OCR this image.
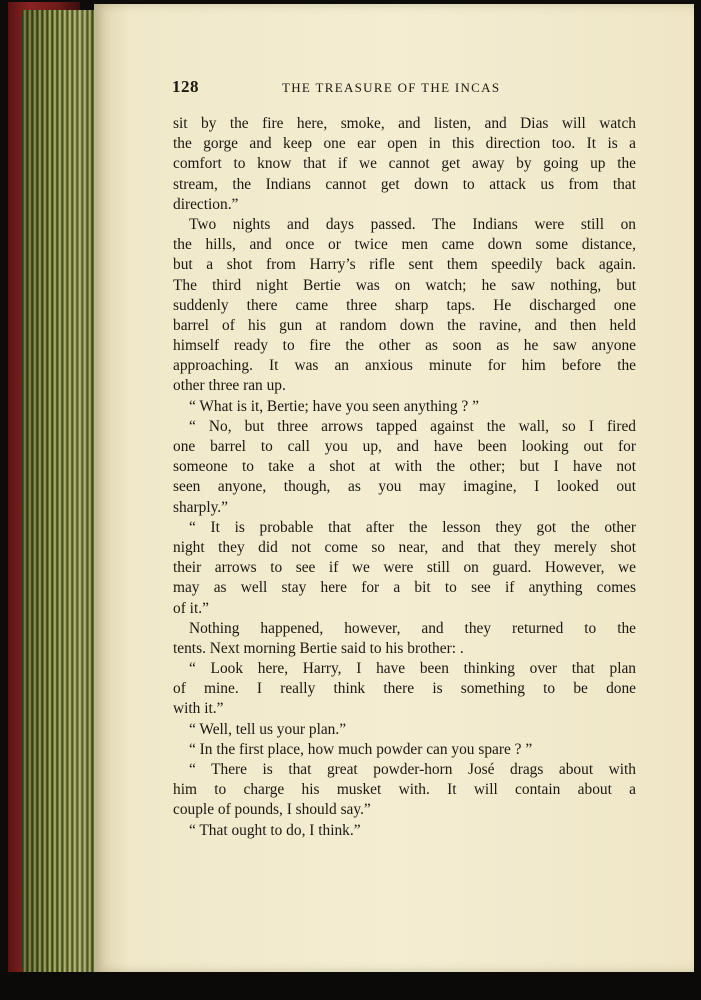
128	THE TREASURE OF THE INCAS
sit by the fire here, smoke, and listen, and Dias will watch
the gorge and keep one ear open in this direction too. It is a
comfort to know that if we cannot get away by going up the
stream, the Indians cannot get down to attack us from that
direction.”
Two nights and days passed. The Indians were still on
the hills, and once or twice men came down some distance,
but a shot from Harry’s rifle sent them speedily back again.
The third night Bertie was on watch; he saw nothing, but
suddenly there came three sharp taps. He discharged one
barrel of his gun at random down the ravine, and then held
himself ready to fire the other as soon as he saw anyone
approaching. It was an anxious minute for him before the
other three ran up.
“ What is it, Bertie; have you seen anything ? ”
“ No, but three arrows tapped against the wall, so I fired
one barrel to call you up, and have been looking out for
someone to take a shot at with the other; but I have not
seen anyone, though, as you may imagine, I looked out
sharply.”
“ It is probable that after the lesson they got the other
night they did not come so near, and that they merely shot
their arrows to see if we were still on guard. However, we
may as well stay here for a bit to see if anything comes
of it.”
Nothing happened, however, and they returned to the
tents. Next morning Bertie said to his brother: .
“ Look here, Harry, I have been thinking over that plan
of mine. I really think there is something to be done
with it.”
“ Well, tell us your plan.”
“ In the first place, how much powder can you spare ? ”
“ There is that great powder-horn José drags about with
him to charge his musket with. It will contain about a
couple of pounds, I should say.”
“ That ought to do, I think.”
